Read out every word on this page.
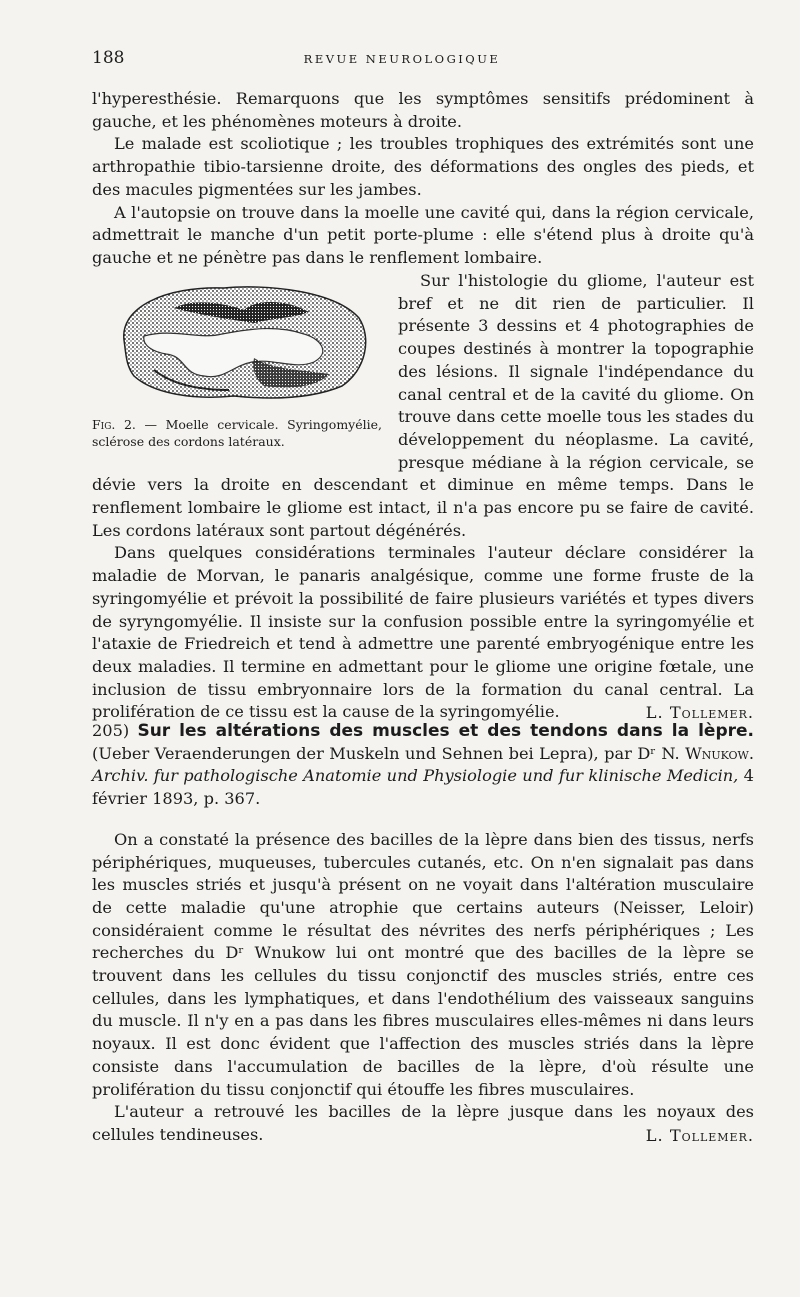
188	REVUE NEUROLOGIQUE

l'hyperesthésie. Remarquons que les symptômes sensitifs prédominent à gauche, et les phénomènes moteurs à droite.

Le malade est scoliotique ; les troubles trophiques des extrémités sont une arthropathie tibio-tarsienne droite, des déformations des ongles des pieds, et des macules pigmentées sur les jambes.

A l'autopsie on trouve dans la moelle une cavité qui, dans la région cervicale, admettrait le manche d'un petit porte-plume : elle s'étend plus à droite qu'à gauche et ne pénètre pas dans le renflement lombaire.

Fig. 2. — Moelle cervicale. Syringomyélie, sclérose des cordons latéraux.

Sur l'histologie du gliome, l'auteur est bref et ne dit rien de particulier. Il présente 3 dessins et 4 photographies de coupes destinés à montrer la topographie des lésions. Il signale l'indépendance du canal central et de la cavité du gliome. On trouve dans cette moelle tous les stades du développement du néoplasme. La cavité, presque médiane à la région cervicale, se dévie vers la droite en descendant et diminue en même temps. Dans le renflement lombaire le gliome est intact, il n'a pas encore pu se faire de cavité. Les cordons latéraux sont partout dégénérés.

Dans quelques considérations terminales l'auteur déclare considérer la maladie de Morvan, le panaris analgésique, comme une forme fruste de la syringomyélie et prévoit la possibilité de faire plusieurs variétés et types divers de syryngomyélie. Il insiste sur la confusion possible entre la syringomyélie et l'ataxie de Friedreich et tend à admettre une parenté embryogénique entre les deux maladies. Il termine en admettant pour le gliome une origine fœtale, une inclusion de tissu embryonnaire lors de la formation du canal central. La prolifération de ce tissu est la cause de la syringomyélie.	L. Tollemer.

205) Sur les altérations des muscles et des tendons dans la lèpre. (Ueber Veraenderungen der Muskeln und Sehnen bei Lepra), par Dʳ N. Wnukow. Archiv. fur pathologische Anatomie und Physiologie und fur klinische Medicin, 4 février 1893, p. 367.

On a constaté la présence des bacilles de la lèpre dans bien des tissus, nerfs périphériques, muqueuses, tubercules cutanés, etc. On n'en signalait pas dans les muscles striés et jusqu'à présent on ne voyait dans l'altération musculaire de cette maladie qu'une atrophie que certains auteurs (Neisser, Leloir) considéraient comme le résultat des névrites des nerfs périphériques ; Les recherches du Dʳ Wnukow lui ont montré que des bacilles de la lèpre se trouvent dans les cellules du tissu conjonctif des muscles striés, entre ces cellules, dans les lymphatiques, et dans l'endothélium des vaisseaux sanguins du muscle. Il n'y en a pas dans les fibres musculaires elles-mêmes ni dans leurs noyaux. Il est donc évident que l'affection des muscles striés dans la lèpre consiste dans l'accumulation de bacilles de la lèpre, d'où résulte une prolifération du tissu conjonctif qui étouffe les fibres musculaires.

L'auteur a retrouvé les bacilles de la lèpre jusque dans les noyaux des cellules tendineuses.	L. Tollemer.
